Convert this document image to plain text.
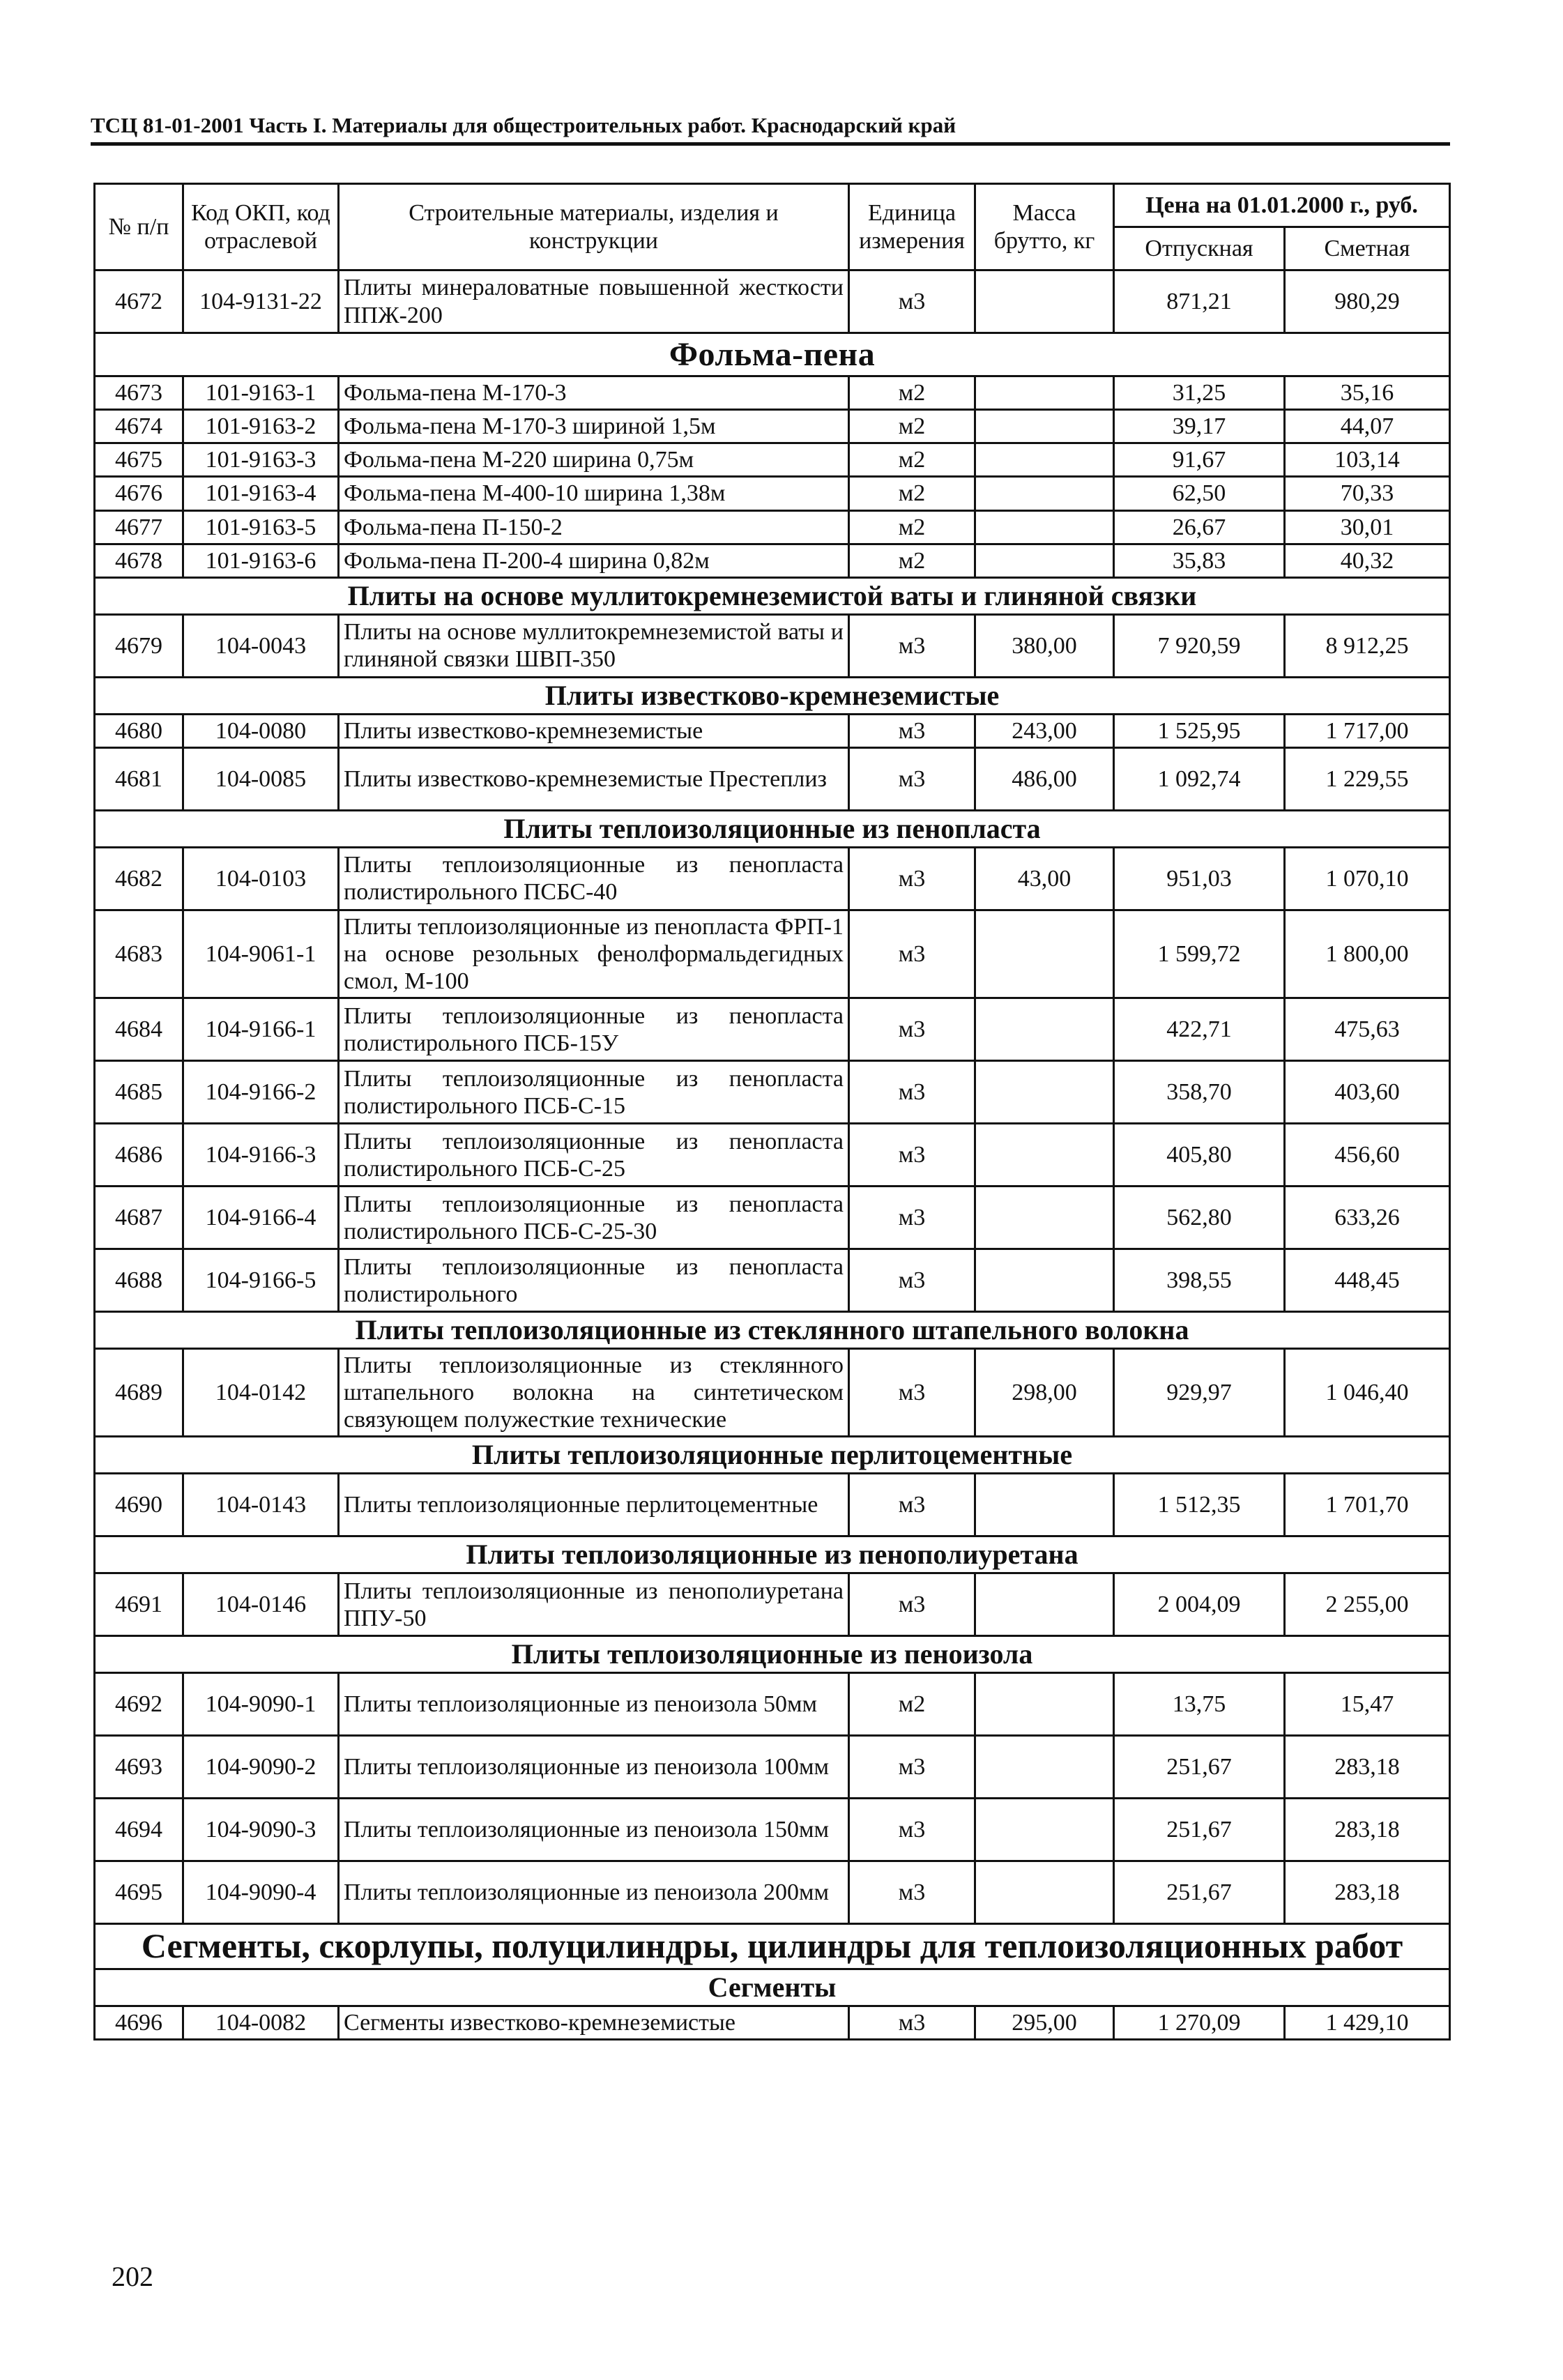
ТСЦ 81-01-2001 Часть I. Материалы для общестроительных работ. Краснодарский край
№ п/п	Код ОКП, код отраслевой	Строительные материалы, изделия и конструкции	Единица измерения	Масса брутто, кг	Цена на 01.01.2000 г., руб.	
					Отпускная	Сметная
4672	104-9131-22	Плиты минераловатные повышенной жесткости ППЖ-200	м3		871,21	980,29
Фольма-пена						
4673	101-9163-1	Фольма-пена М-170-3	м2		31,25	35,16
4674	101-9163-2	Фольма-пена М-170-3 шириной 1,5м	м2		39,17	44,07
4675	101-9163-3	Фольма-пена М-220 ширина 0,75м	м2		91,67	103,14
4676	101-9163-4	Фольма-пена М-400-10 ширина 1,38м	м2		62,50	70,33
4677	101-9163-5	Фольма-пена П-150-2	м2		26,67	30,01
4678	101-9163-6	Фольма-пена П-200-4 ширина 0,82м	м2		35,83	40,32
Плиты на основе муллитокремнеземистой ваты и глиняной связки						
4679	104-0043	Плиты на основе муллитокремнеземистой ваты и глиняной связки ШВП-350	м3	380,00	7 920,59	8 912,25
Плиты известково-кремнеземистые						
4680	104-0080	Плиты известково-кремнеземистые	м3	243,00	1 525,95	1 717,00
4681	104-0085	Плиты известково-кремнеземистые Престеплиз	м3	486,00	1 092,74	1 229,55
Плиты теплоизоляционные из пенопласта						
4682	104-0103	Плиты теплоизоляционные из пенопласта полистирольного ПСБС-40	м3	43,00	951,03	1 070,10
4683	104-9061-1	Плиты теплоизоляционные из пенопласта ФРП-1 на основе резольных фенолформальдегидных смол, М-100	м3		1 599,72	1 800,00
4684	104-9166-1	Плиты теплоизоляционные из пенопласта полистирольного ПСБ-15У	м3		422,71	475,63
4685	104-9166-2	Плиты теплоизоляционные из пенопласта полистирольного ПСБ-С-15	м3		358,70	403,60
4686	104-9166-3	Плиты теплоизоляционные из пенопласта полистирольного ПСБ-С-25	м3		405,80	456,60
4687	104-9166-4	Плиты теплоизоляционные из пенопласта полистирольного ПСБ-С-25-30	м3		562,80	633,26
4688	104-9166-5	Плиты теплоизоляционные из пенопласта полистирольного	м3		398,55	448,45
Плиты теплоизоляционные из стеклянного штапельного волокна						
4689	104-0142	Плиты теплоизоляционные из стеклянного штапельного волокна на синтетическом связующем полужесткие технические	м3	298,00	929,97	1 046,40
Плиты теплоизоляционные перлитоцементные						
4690	104-0143	Плиты теплоизоляционные перлитоцементные	м3		1 512,35	1 701,70
Плиты теплоизоляционные из пенополиуретана						
4691	104-0146	Плиты теплоизоляционные из пенополиуретана ППУ-50	м3		2 004,09	2 255,00
Плиты теплоизоляционные из пеноизола						
4692	104-9090-1	Плиты теплоизоляционные из пеноизола 50мм	м2		13,75	15,47
4693	104-9090-2	Плиты теплоизоляционные из пеноизола 100мм	м3		251,67	283,18
4694	104-9090-3	Плиты теплоизоляционные из пеноизола 150мм	м3		251,67	283,18
4695	104-9090-4	Плиты теплоизоляционные из пеноизола 200мм	м3		251,67	283,18
Сегменты, скорлупы, полуцилиндры, цилиндры для теплоизоляционных работ						
Сегменты						
4696	104-0082	Сегменты известково-кремнеземистые	м3	295,00	1 270,09	1 429,10
202
